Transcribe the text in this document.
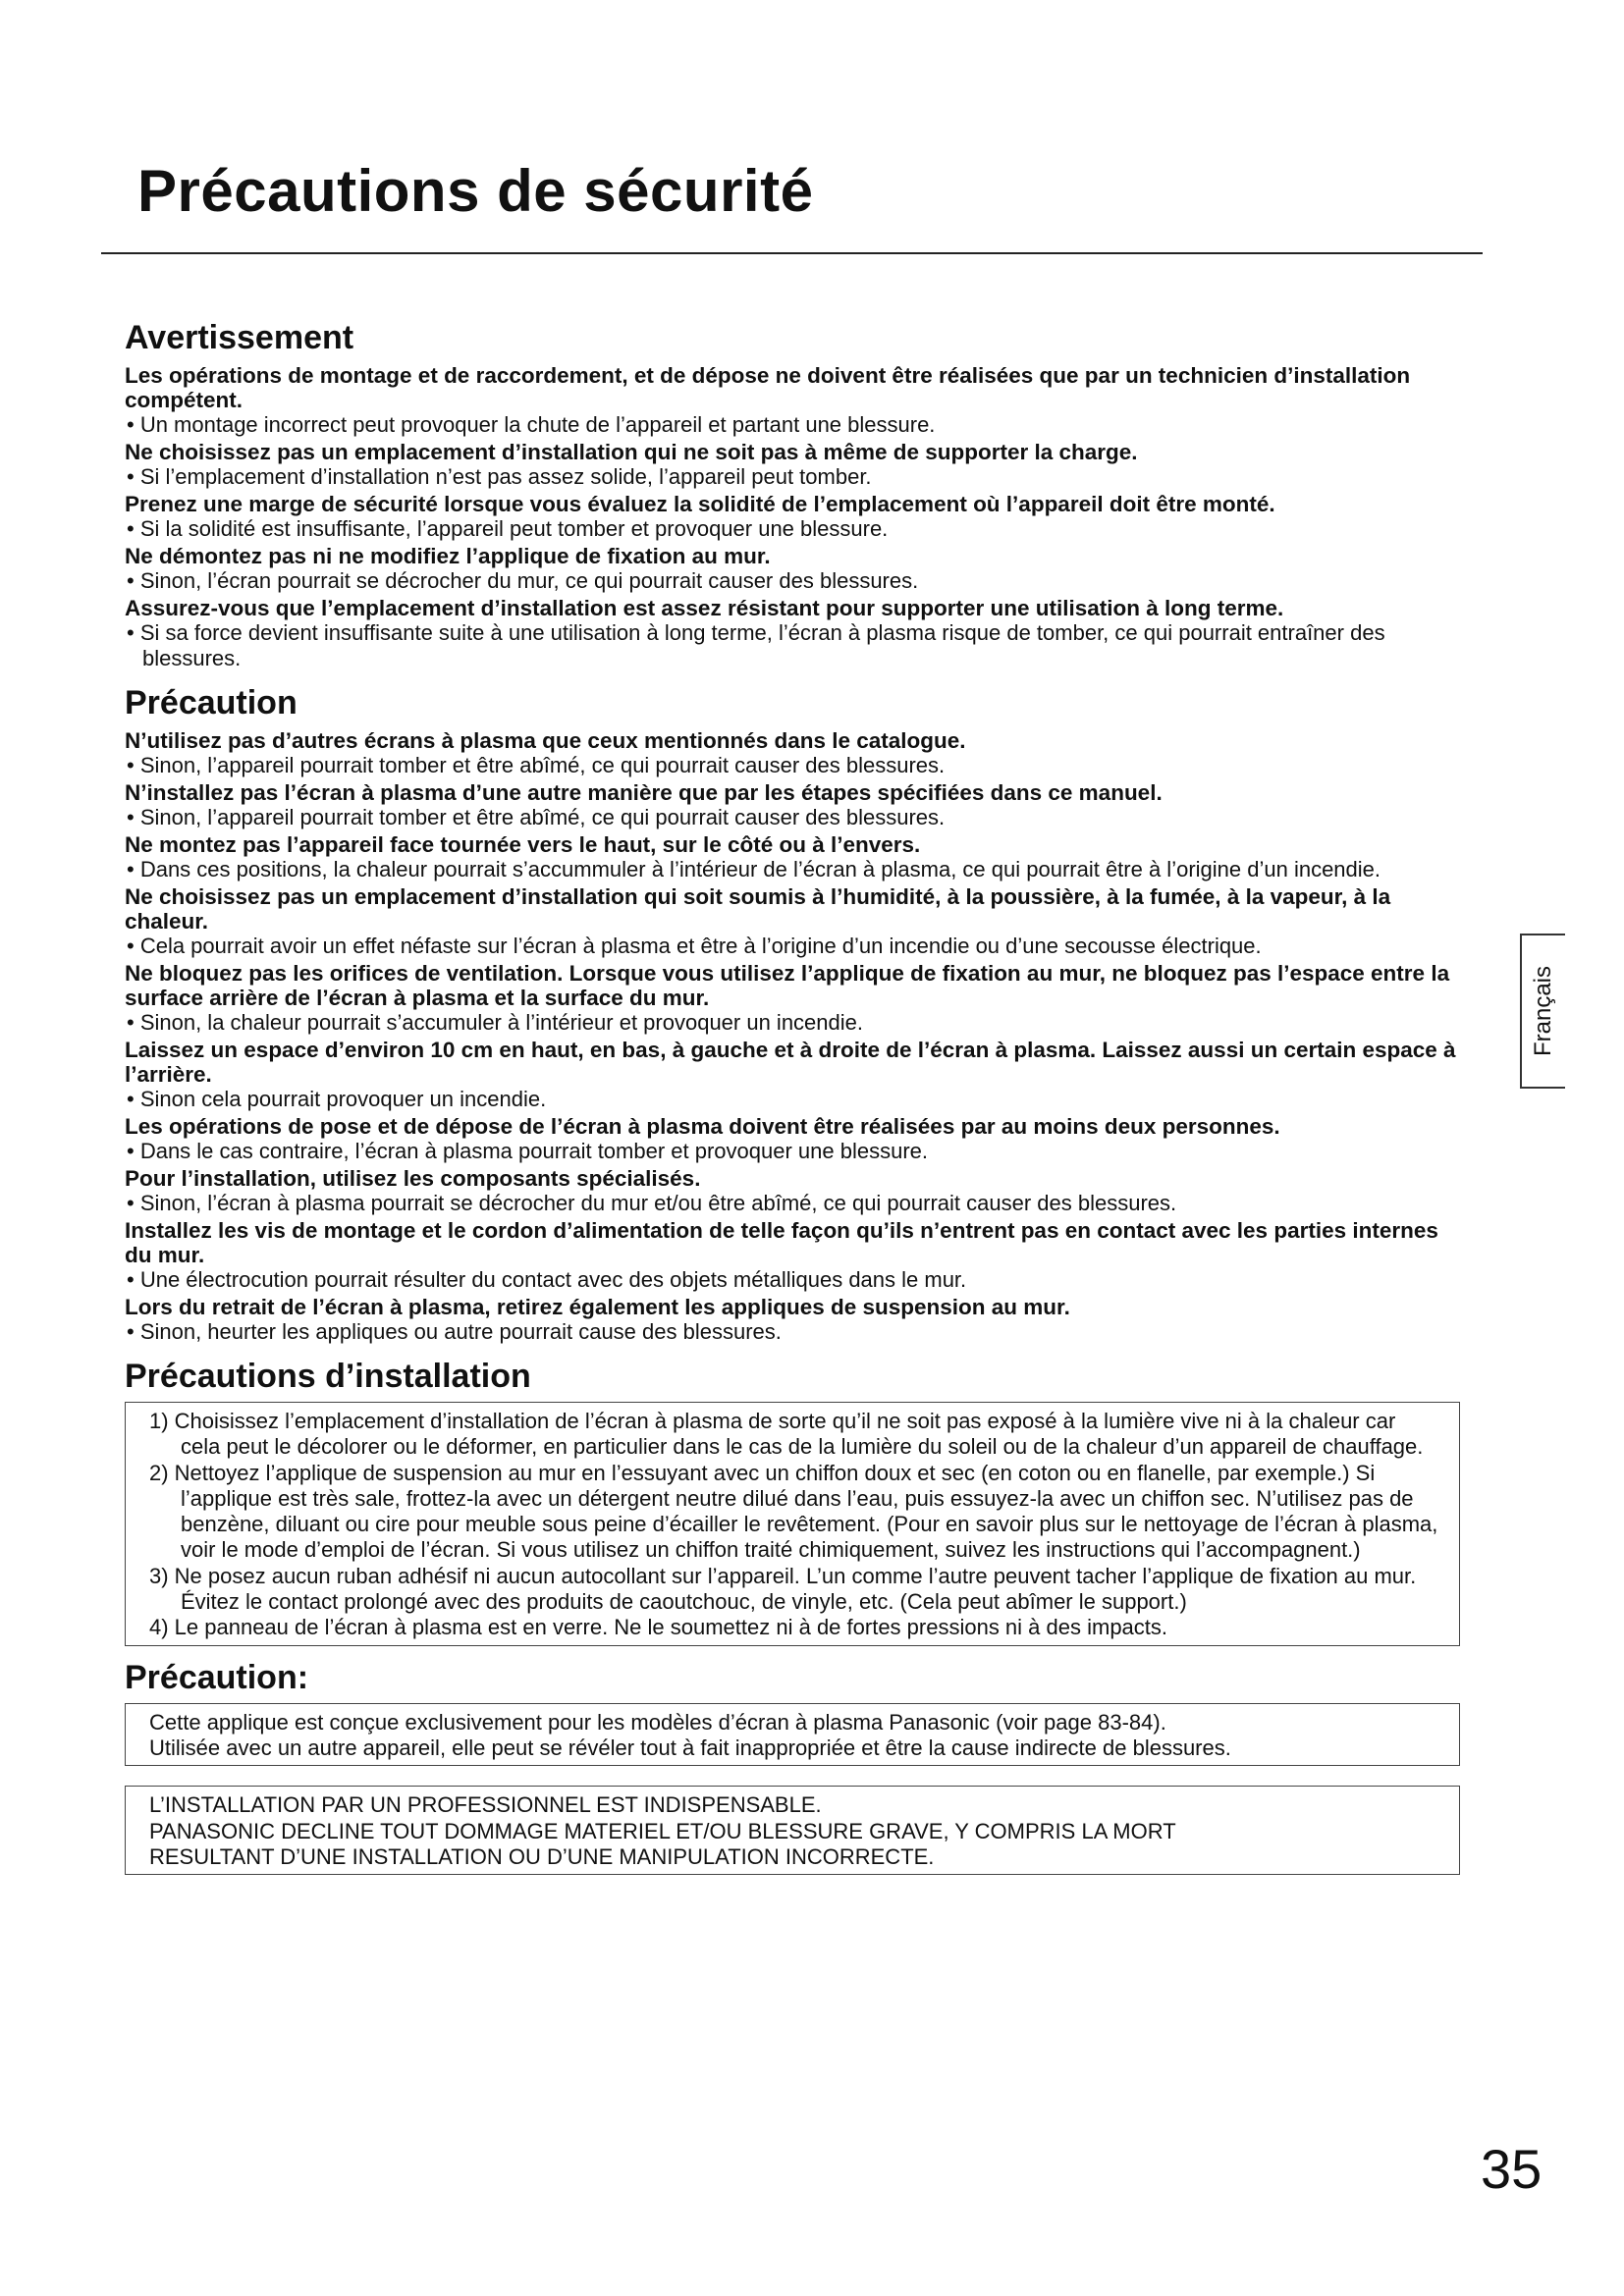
Précautions de sécurité
Avertissement

Les opérations de montage et de raccordement, et de dépose ne doivent être réalisées que par un technicien d’installation compétent.

• Un montage incorrect peut provoquer la chute de l’appareil et partant une blessure.

Ne choisissez pas un emplacement d’installation qui ne soit pas à même de supporter la charge.

• Si l’emplacement d’installation n’est pas assez solide, l’appareil peut tomber.

Prenez une marge de sécurité lorsque vous évaluez la solidité de l’emplacement où l’appareil doit être monté.

• Si la solidité est insuffisante, l’appareil peut tomber et provoquer une blessure.

Ne démontez pas ni ne modifiez l’applique de fixation au mur.

• Sinon, l’écran pourrait se décrocher du mur, ce qui pourrait causer des blessures.

Assurez-vous que l’emplacement d’installation est assez résistant pour supporter une utilisation à long terme.

• Si sa force devient insuffisante suite à une utilisation à long terme, l’écran à plasma risque de tomber, ce qui pourrait entraîner des blessures.

Précaution

N’utilisez pas d’autres écrans à plasma que ceux mentionnés dans le catalogue.

• Sinon, l’appareil pourrait tomber et être abîmé, ce qui pourrait causer des blessures.

N’installez pas l’écran à plasma d’une autre manière que par les étapes spécifiées dans ce manuel.

• Sinon, l’appareil pourrait tomber et être abîmé, ce qui pourrait causer des blessures.

Ne montez pas l’appareil face tournée vers le haut, sur le côté ou à l’envers.

• Dans ces positions, la chaleur pourrait s’accummuler à l’intérieur de l’écran à plasma, ce qui pourrait être à l’origine d’un incendie.

Ne choisissez pas un emplacement d’installation qui soit soumis à l’humidité, à la poussière, à la fumée, à la vapeur, à la chaleur.

• Cela pourrait avoir un effet néfaste sur l’écran à plasma et être à l’origine d’un incendie ou d’une secousse électrique.

Ne bloquez pas les orifices de ventilation. Lorsque vous utilisez l’applique de fixation au mur, ne bloquez pas l’espace entre la surface arrière de l’écran à plasma et la surface du mur.

• Sinon, la chaleur pourrait s’accumuler à l’intérieur et provoquer un incendie.

Laissez un espace d’environ 10 cm en haut, en bas, à gauche et à droite de l’écran à plasma. Laissez aussi un certain espace à l’arrière.

• Sinon cela pourrait provoquer un incendie.

Les opérations de pose et de dépose de l’écran à plasma doivent être réalisées par au moins deux personnes.

• Dans le cas contraire, l’écran à plasma pourrait tomber et provoquer une blessure.

Pour l’installation, utilisez les composants spécialisés.

• Sinon, l’écran à plasma pourrait se décrocher du mur et/ou être abîmé, ce qui pourrait causer des blessures.

Installez les vis de montage et le cordon d’alimentation de telle façon qu’ils n’entrent pas en contact avec les parties internes du mur.

• Une électrocution pourrait résulter du contact avec des objets métalliques dans le mur.

Lors du retrait de l’écran à plasma, retirez également les appliques de suspension au mur.

• Sinon, heurter les appliques ou autre pourrait cause des blessures.

Précautions d’installation
1) Choisissez l’emplacement d’installation de l’écran à plasma de sorte qu’il ne soit pas exposé à la lumière vive ni à la chaleur car cela peut le décolorer ou le déformer, en particulier dans le cas de la lumière du soleil ou de la chaleur d’un appareil de chauffage.
2) Nettoyez l’applique de suspension au mur en l’essuyant avec un chiffon doux et sec (en coton ou en flanelle, par exemple.) Si l’applique est très sale, frottez-la avec un détergent neutre dilué dans l’eau, puis essuyez-la avec un chiffon sec. N’utilisez pas de benzène, diluant ou cire pour meuble sous peine d’écailler le revêtement. (Pour en savoir plus sur le nettoyage de l’écran à plasma, voir le mode d’emploi de l’écran. Si vous utilisez un chiffon traité chimiquement, suivez les instructions qui l’accompagnent.)
3) Ne posez aucun ruban adhésif ni aucun autocollant sur l’appareil. L’un comme l’autre peuvent tacher l’applique de fixation au mur. Évitez le contact prolongé avec des produits de caoutchouc, de vinyle, etc. (Cela peut abîmer le support.)
4) Le panneau de l’écran à plasma est en verre. Ne le soumettez ni à de fortes pressions ni à des impacts.
Précaution:

Cette applique est conçue exclusivement pour les modèles d’écran à plasma Panasonic (voir page 83-84).

Utilisée avec un autre appareil, elle peut se révéler tout à fait inappropriée et être la cause indirecte de blessures.

L’INSTALLATION PAR UN PROFESSIONNEL EST INDISPENSABLE.

PANASONIC DECLINE TOUT DOMMAGE MATERIEL ET/OU BLESSURE GRAVE, Y COMPRIS LA MORT

RESULTANT D’UNE INSTALLATION OU D’UNE MANIPULATION INCORRECTE.

Français
35
